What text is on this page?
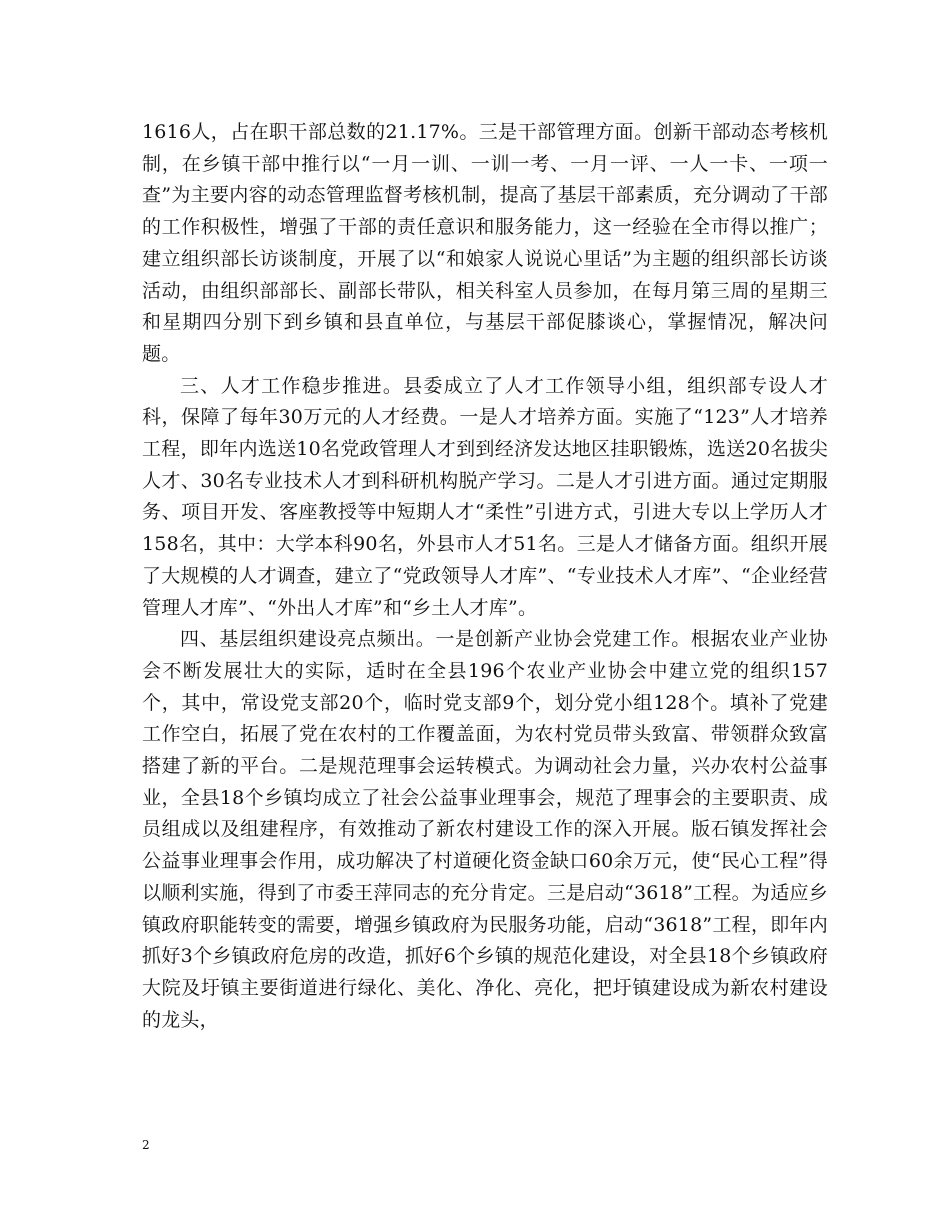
1616人，占在职干部总数的21.17%。三是干部管理方面。创新干部动态考核机制，在乡镇干部中推行以“一月一训、一训一考、一月一评、一人一卡、一项一查”为主要内容的动态管理监督考核机制，提高了基层干部素质，充分调动了干部的工作积极性，增强了干部的责任意识和服务能力，这一经验在全市得以推广；建立组织部长访谈制度，开展了以“和娘家人说说心里话”为主题的组织部长访谈活动，由组织部部长、副部长带队，相关科室人员参加，在每月第三周的星期三和星期四分别下到乡镇和县直单位，与基层干部促膝谈心，掌握情况，解决问题。

三、人才工作稳步推进。县委成立了人才工作领导小组，组织部专设人才科，保障了每年30万元的人才经费。一是人才培养方面。实施了“123”人才培养工程，即年内选送10名党政管理人才到到经济发达地区挂职锻炼，选送20名拔尖人才、30名专业技术人才到科研机构脱产学习。二是人才引进方面。通过定期服务、项目开发、客座教授等中短期人才“柔性”引进方式，引进大专以上学历人才158名，其中：大学本科90名，外县市人才51名。三是人才储备方面。组织开展了大规模的人才调查，建立了“党政领导人才库”、“专业技术人才库”、“企业经营管理人才库”、“外出人才库”和“乡土人才库”。

四、基层组织建设亮点频出。一是创新产业协会党建工作。根据农业产业协会不断发展壮大的实际，适时在全县196个农业产业协会中建立党的组织157个，其中，常设党支部20个，临时党支部9个，划分党小组128个。填补了党建工作空白，拓展了党在农村的工作覆盖面，为农村党员带头致富、带领群众致富搭建了新的平台。二是规范理事会运转模式。为调动社会力量，兴办农村公益事业，全县18个乡镇均成立了社会公益事业理事会，规范了理事会的主要职责、成员组成以及组建程序，有效推动了新农村建设工作的深入开展。版石镇发挥社会公益事业理事会作用，成功解决了村道硬化资金缺口60余万元，使“民心工程”得以顺利实施，得到了市委王萍同志的充分肯定。三是启动“3618”工程。为适应乡镇政府职能转变的需要，增强乡镇政府为民服务功能，启动“3618”工程，即年内抓好3个乡镇政府危房的改造，抓好6个乡镇的规范化建设，对全县18个乡镇政府大院及圩镇主要街道进行绿化、美化、净化、亮化，把圩镇建设成为新农村建设的龙头，

2
